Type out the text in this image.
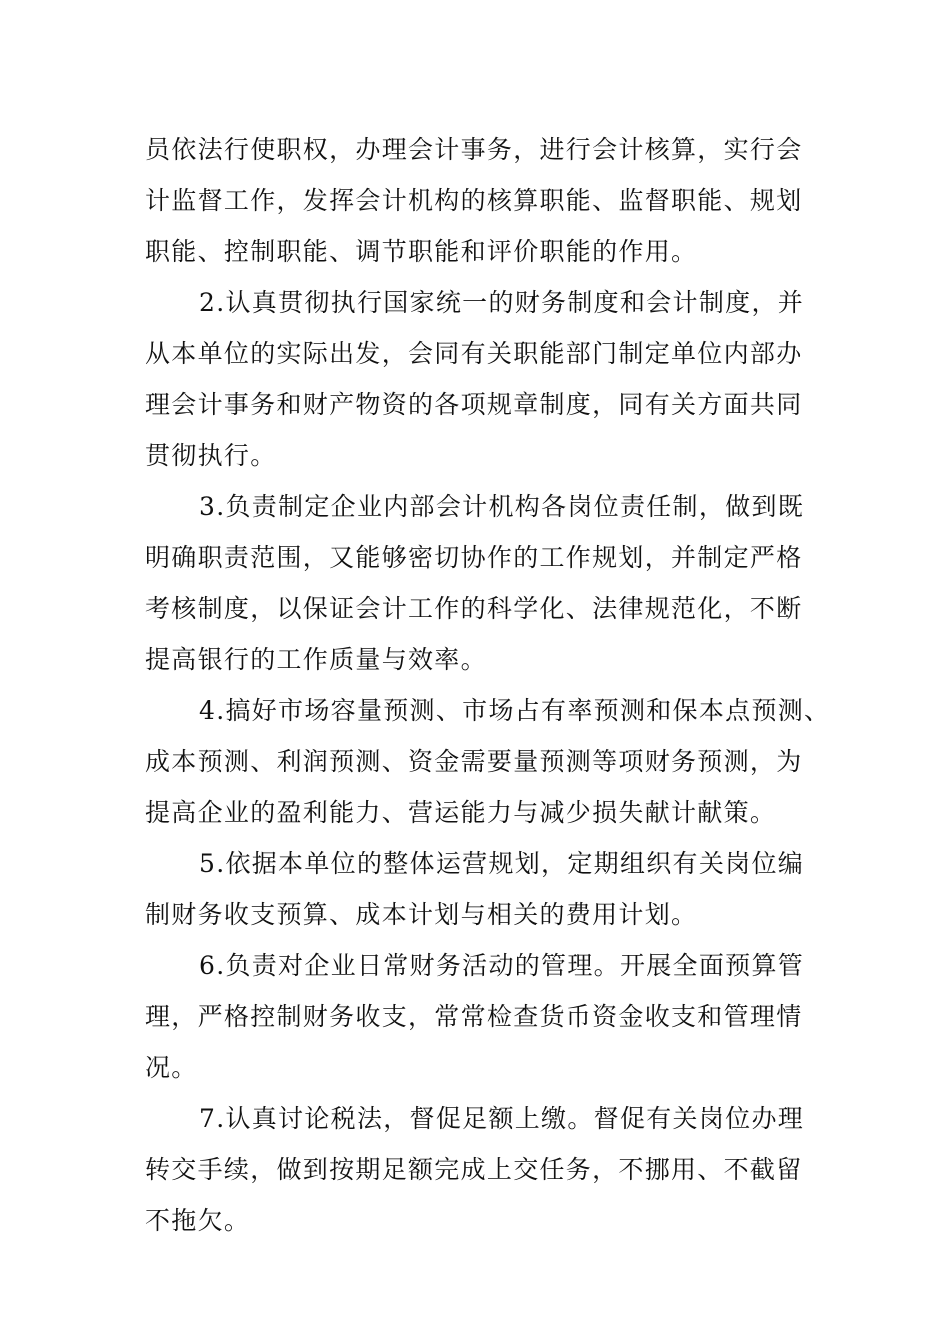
员依法行使职权，办理会计事务，进行会计核算，实行会
计监督工作，发挥会计机构的核算职能、监督职能、规划
职能、控制职能、调节职能和评价职能的作用。
2.认真贯彻执行国家统一的财务制度和会计制度，并
从本单位的实际出发，会同有关职能部门制定单位内部办
理会计事务和财产物资的各项规章制度，同有关方面共同
贯彻执行。
3.负责制定企业内部会计机构各岗位责任制，做到既
明确职责范围，又能够密切协作的工作规划，并制定严格
考核制度，以保证会计工作的科学化、法律规范化，不断
提高银行的工作质量与效率。
4.搞好市场容量预测、市场占有率预测和保本点预测、
成本预测、利润预测、资金需要量预测等项财务预测，为
提高企业的盈利能力、营运能力与减少损失献计献策。
5.依据本单位的整体运营规划，定期组织有关岗位编
制财务收支预算、成本计划与相关的费用计划。
6.负责对企业日常财务活动的管理。开展全面预算管
理，严格控制财务收支，常常检查货币资金收支和管理情
况。
7.认真讨论税法，督促足额上缴。督促有关岗位办理
转交手续，做到按期足额完成上交任务，不挪用、不截留
不拖欠。
